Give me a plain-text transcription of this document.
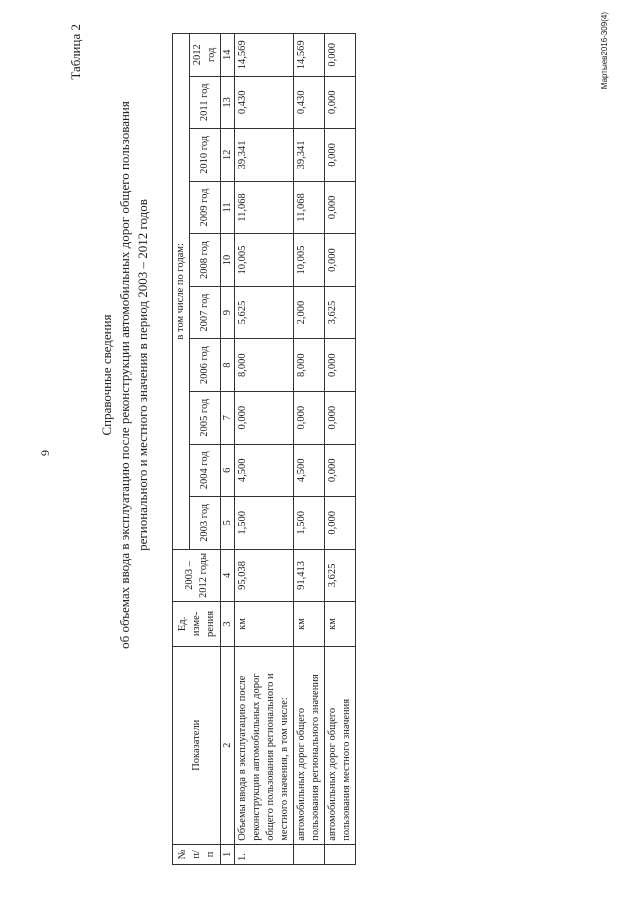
9
Таблица 2
Справочные сведения об объемах ввода в эксплуатацию после реконструкции автомобильных дорог общего пользования регионального и местного значения в период 2003 – 2012 годов
№ п/п	Показатели	Ед. изме-рения	2003 – 2012 годы	в том числе по годам:									
				2003 год	2004 год	2005 год	2006 год	2007 год	2008 год	2009 год	2010 год	2011 год	2012 год
1	2	3	4	5	6	7	8	9	10	11	12	13	14
1.	Объемы ввода в эксплуатацию после реконструкции автомобильных дорог общего пользования регионального и местного значения, в том числе:	км	95,038	1,500	4,500	0,000	8,000	5,625	10,005	11,068	39,341	0,430	14,569
	автомобильных дорог общего пользования регионального значения	км	91,413	1,500	4,500	0,000	8,000	2,000	10,005	11,068	39,341	0,430	14,569
	автомобильных дорог общего пользования местного значения	км	3,625	0,000	0,000	0,000	0,000	3,625	0,000	0,000	0,000	0,000	0,000	Мартыев2016-309(4)
